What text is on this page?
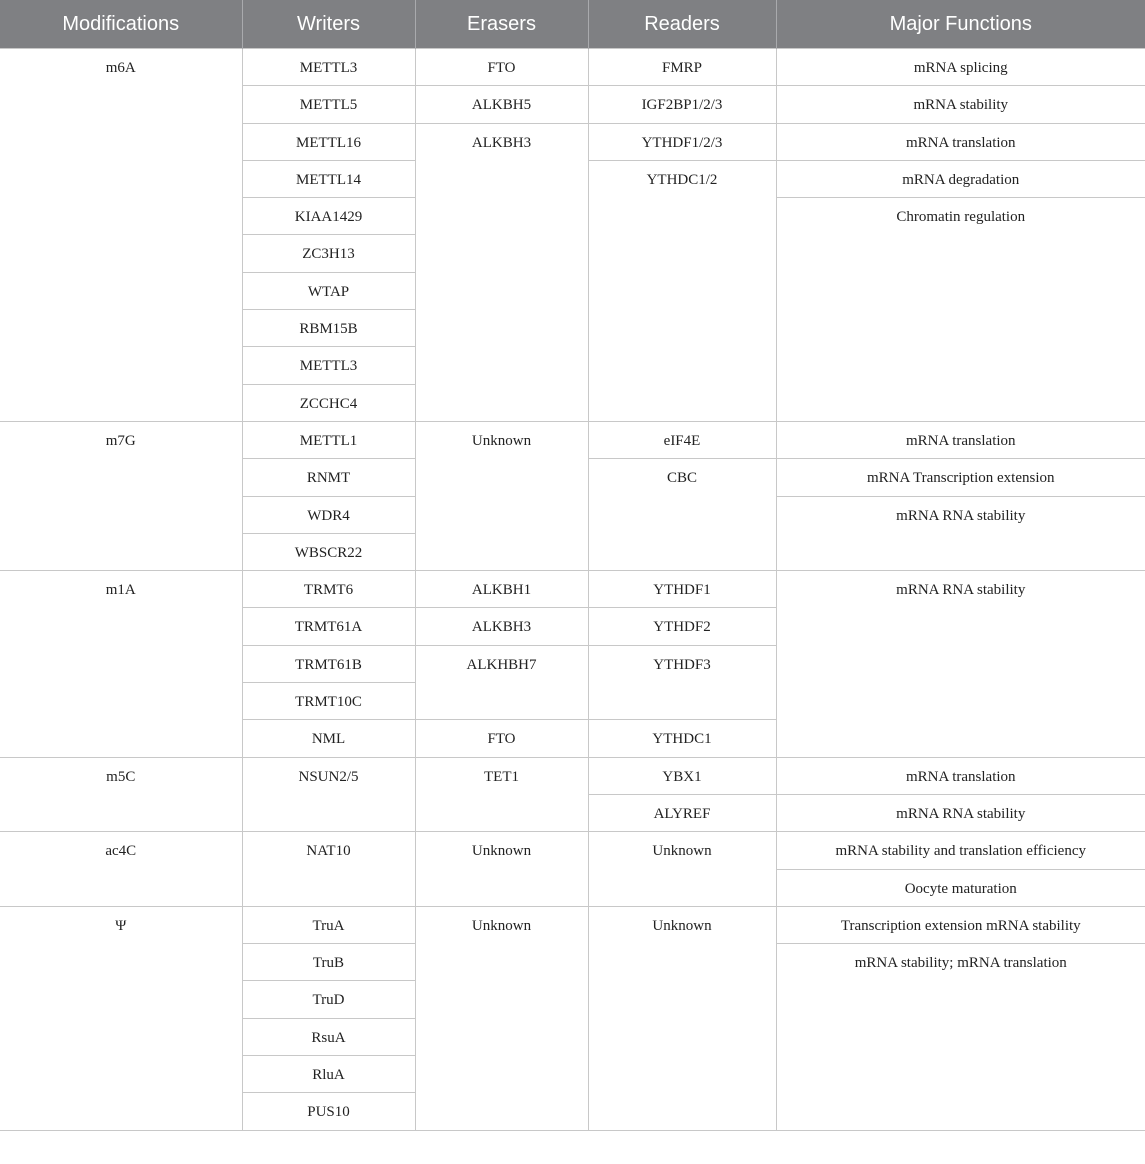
Modifications	Writers	Erasers	Readers	Major Functions
m6A	METTL3	FTO	FMRP	mRNA splicing
	METTL5	ALKBH5	IGF2BP1/2/3	mRNA stability
	METTL16	ALKBH3	YTHDF1/2/3	mRNA translation
	METTL14		YTHDC1/2	mRNA degradation
	KIAA1429			Chromatin regulation
	ZC3H13			
	WTAP			
	RBM15B			
	METTL3			
	ZCCHC4			
m7G	METTL1	Unknown	eIF4E	mRNA translation
	RNMT		CBC	mRNA Transcription extension
	WDR4			mRNA RNA stability
	WBSCR22			
m1A	TRMT6	ALKBH1	YTHDF1	mRNA RNA stability
	TRMT61A	ALKBH3	YTHDF2	
	TRMT61B	ALKHBH7	YTHDF3	
	TRMT10C			
	NML	FTO	YTHDC1	
m5C	NSUN2/5	TET1	YBX1	mRNA translation
			ALYREF	mRNA RNA stability
ac4C	NAT10	Unknown	Unknown	mRNA stability and translation efficiency
				Oocyte maturation
Ψ	TruA	Unknown	Unknown	Transcription extension mRNA stability
	TruB			mRNA stability; mRNA translation
	TruD			
	RsuA			
	RluA			
	PUS10			
